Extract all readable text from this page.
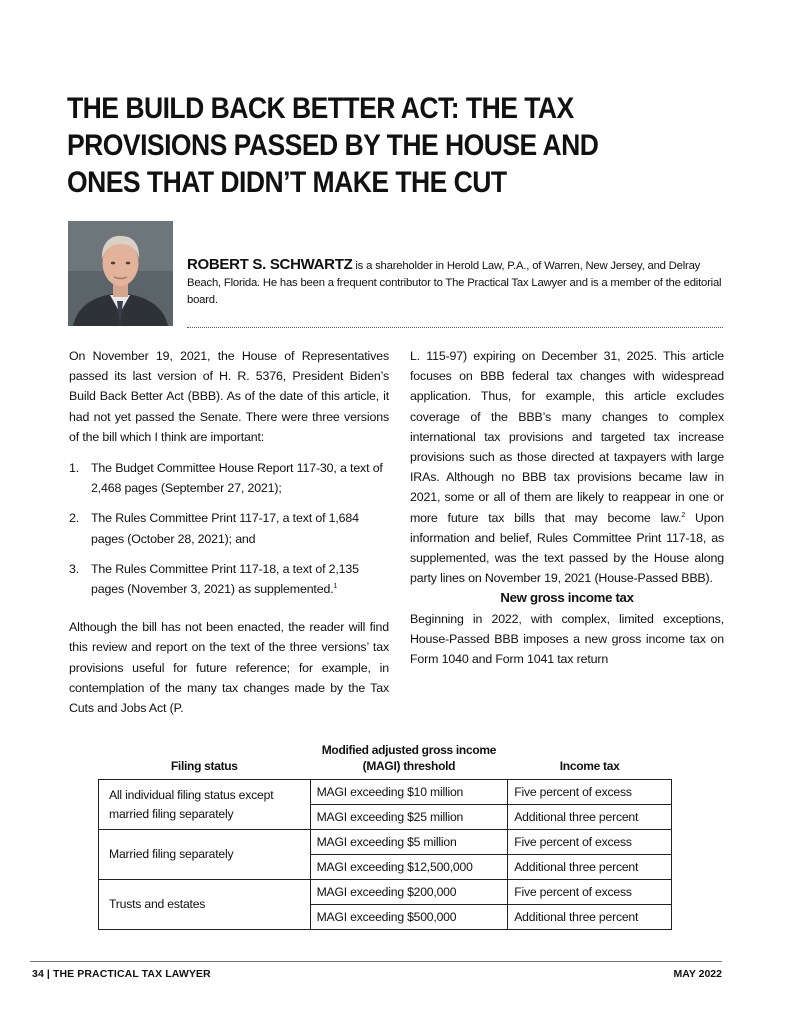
THE BUILD BACK BETTER ACT: THE TAX PROVISIONS PASSED BY THE HOUSE AND ONES THAT DIDN’T MAKE THE CUT

ROBERT S. SCHWARTZ is a shareholder in Herold Law, P.A., of Warren, New Jersey, and Delray Beach, Florida. He has been a frequent contributor to The Practical Tax Lawyer and is a member of the editorial board.

On November 19, 2021, the House of Representatives passed its last version of H. R. 5376, President Biden’s Build Back Better Act (BBB). As of the date of this article, it had not yet passed the Senate. There were three versions of the bill which I think are important:

1. The Budget Committee House Report 117-30, a text of 2,468 pages (September 27, 2021);
2. The Rules Committee Print 117-17, a text of 1,684 pages (October 28, 2021); and
3. The Rules Committee Print 117-18, a text of 2,135 pages (November 3, 2021) as supplemented.$^1$

Although the bill has not been enacted, the reader will find this review and report on the text of the three versions’ tax provisions useful for future reference; for example, in contemplation of the many tax changes made by the Tax Cuts and Jobs Act (P.

L. 115-97) expiring on December 31, 2025. This article focuses on BBB federal tax changes with widespread application. Thus, for example, this article excludes coverage of the BBB’s many changes to complex international tax provisions and targeted tax increase provisions such as those directed at taxpayers with large IRAs. Although no BBB tax provisions became law in 2021, some or all of them are likely to reappear in one or more future tax bills that may become law.$^2$ Upon information and belief, Rules Committee Print 117-18, as supplemented, was the text passed by the House along party lines on November 19, 2021 (House-Passed BBB).

New gross income tax

Beginning in 2022, with complex, limited exceptions, House-Passed BBB imposes a new gross income tax on Form 1040 and Form 1041 tax return

Filing status	Modified adjusted gross income (MAGI) threshold	Income tax
All individual filing status except married filing separately	MAGI exceeding $10 million	Five percent of excess
	MAGI exceeding $25 million	Additional three percent
Married filing separately	MAGI exceeding $5 million	Five percent of excess
	MAGI exceeding $12,500,000	Additional three percent
Trusts and estates	MAGI exceeding $200,000	Five percent of excess
	MAGI exceeding $500,000	Additional three percent
34 | THE PRACTICAL TAX LAWYER	MAY 2022
